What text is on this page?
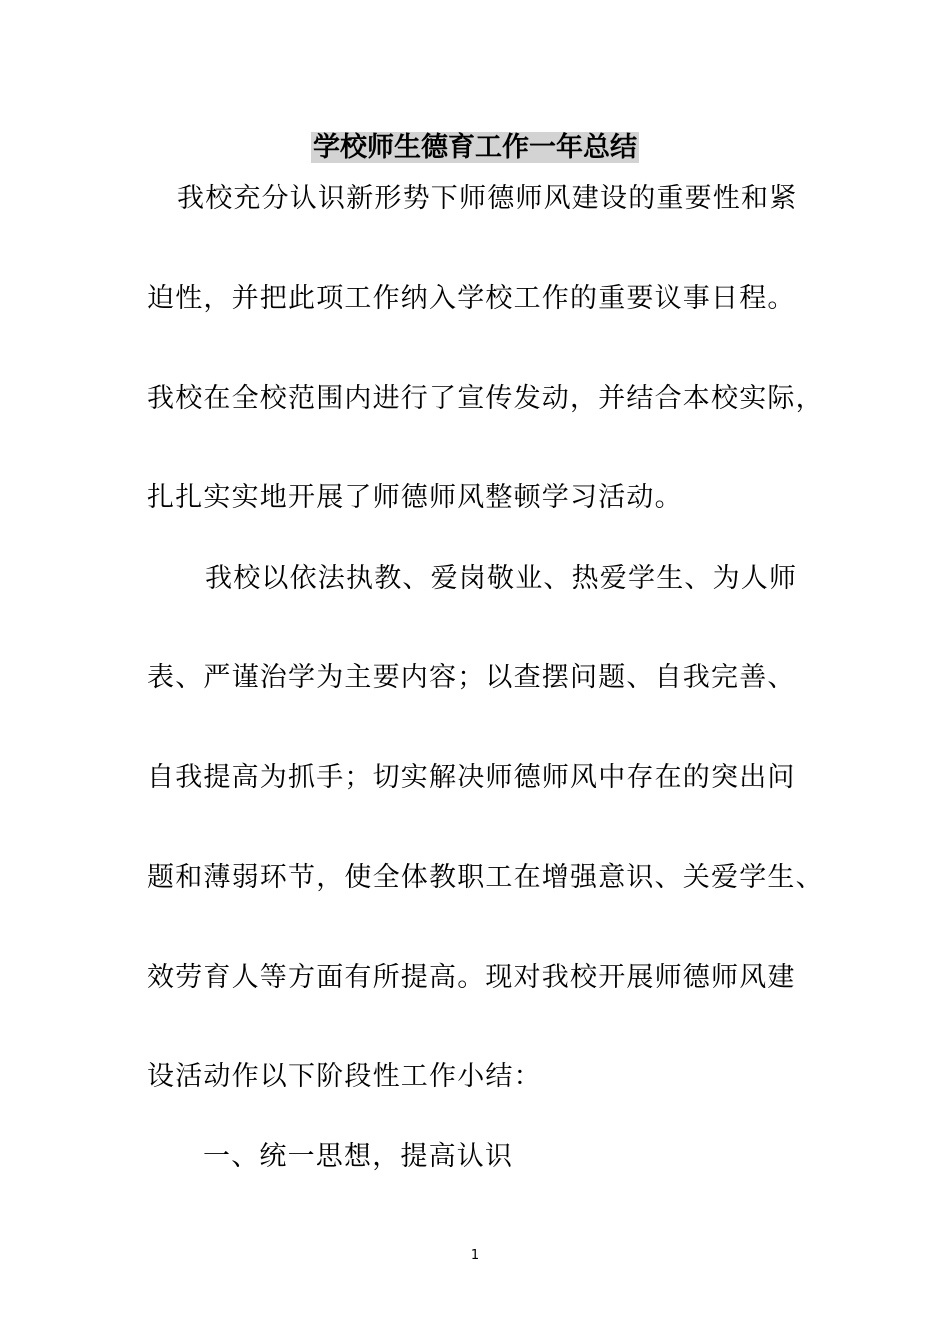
学校师生德育工作一年总结
我校充分认识新形势下师德师风建设的重要性和紧
迫性，并把此项工作纳入学校工作的重要议事日程。
我校在全校范围内进行了宣传发动，并结合本校实际，
扎扎实实地开展了师德师风整顿学习活动。
我校以依法执教、爱岗敬业、热爱学生、为人师
表、严谨治学为主要内容；以查摆问题、自我完善、
自我提高为抓手；切实解决师德师风中存在的突出问
题和薄弱环节，使全体教职工在增强意识、关爱学生、
效劳育人等方面有所提高。现对我校开展师德师风建
设活动作以下阶段性工作小结：
一、统一思想，提高认识
1
